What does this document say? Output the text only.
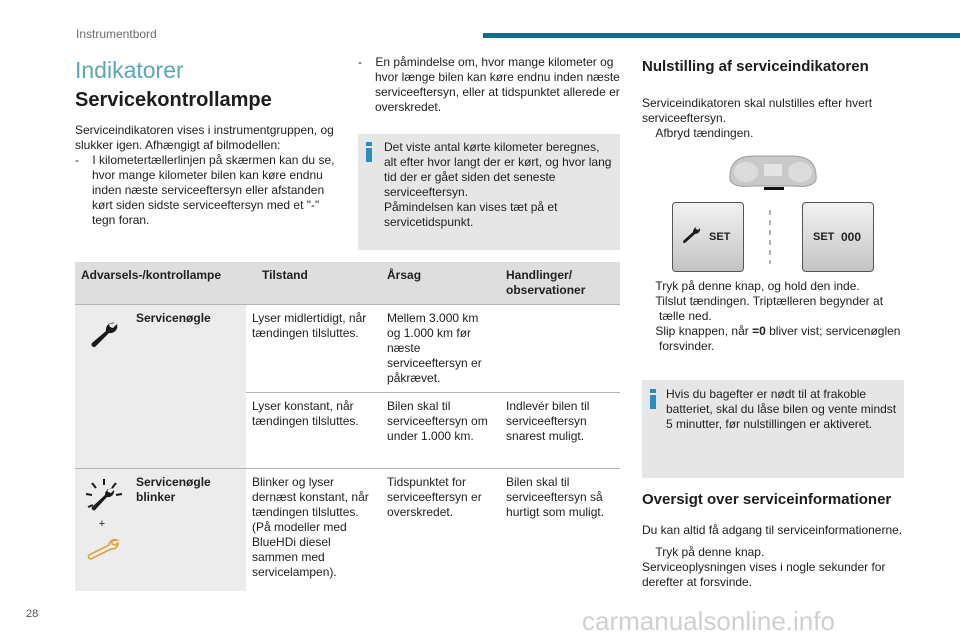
Instrumentbord
Indikatorer
Servicekontrollampe
Serviceindikatoren vises i instrumentgruppen, og slukker igen. Afhængigt af bilmodellen:
- I kilometertællerlinjen på skærmen kan du se, hvor mange kilometer bilen kan køre endnu inden næste serviceeftersyn eller afstanden kørt siden sidste serviceeftersyn med et "-" tegn foran.
- En påmindelse om, hvor mange kilometer og hvor længe bilen kan køre endnu inden næste serviceeftersyn, eller at tidspunktet allerede er overskredet.
Det viste antal kørte kilometer beregnes, alt efter hvor langt der er kørt, og hvor lang tid der er gået siden det seneste serviceeftersyn.
Påmindelsen kan vises tæt på et servicetidspunkt.
Advarsels-/kontrollampe		Tilstand	Årsag	Handlinger/ observationer
	Servicenøgle	Lyser midlertidigt, når tændingen tilsluttes.	Mellem 3.000 km og 1.000 km før næste serviceeftersyn er påkrævet.	
		Lyser konstant, når tændingen tilsluttes.	Bilen skal til serviceeftersyn om under 1.000 km.	Indlevér bilen til serviceeftersyn snarest muligt.

+	Servicenøgle blinker	Blinker og lyser dernæst konstant, når tændingen tilsluttes. (På modeller med BlueHDi diesel sammen med servicelampen).	Tidspunktet for serviceeftersyn er overskredet.	Bilen skal til serviceeftersyn så hurtigt som muligt.
Nulstilling af serviceindikatoren
Serviceindikatoren skal nulstilles efter hvert serviceeftersyn.
Afbryd tændingen.
SET	SET 000
Tryk på denne knap, og hold den inde.
Tilslut tændingen. Triptælleren begynder at tælle ned.
Slip knappen, når =0 bliver vist; servicenøglen forsvinder.
Hvis du bagefter er nødt til at frakoble batteriet, skal du låse bilen og vente mindst 5 minutter, før nulstillingen er aktiveret.
Oversigt over serviceinformationer
Du kan altid få adgang til serviceinformationerne.
Tryk på denne knap.
Serviceoplysningen vises i nogle sekunder for derefter at forsvinde.
28	carmanualsonline.info
